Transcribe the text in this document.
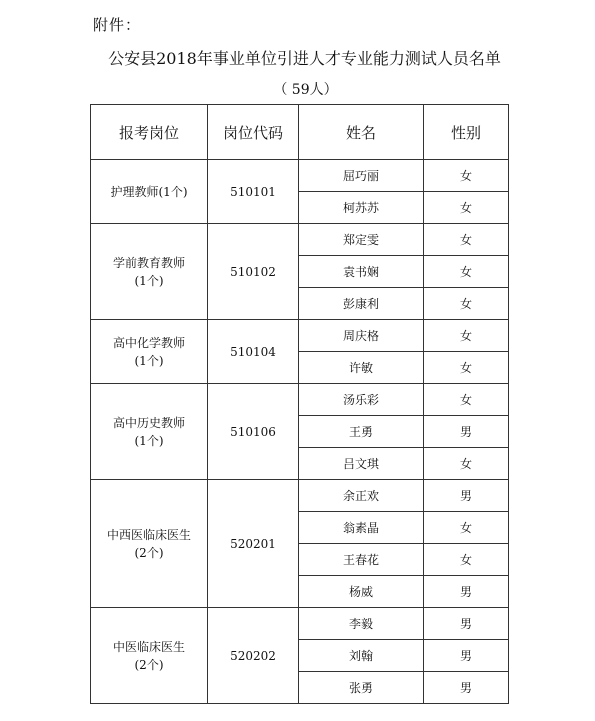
附件：
公安县2018年事业单位引进人才专业能力测试人员名单
（ 59人）
报考岗位	岗位代码	姓名	性别

护理教师(1个)	510101	屈巧丽	女
		柯苏苏	女

学前教育教师
(1个)	510102	郑定雯	女
		袁书娴	女
		彭康利	女

高中化学教师
(1个)	510104	周庆格	女
		许敏	女

高中历史教师
(1个)	510106	汤乐彩	女
		王勇	男
		吕文琪	女

中西医临床医生
(2个)	520201	余正欢	男
		翁素晶	女
		王春花	女
		杨威	男

中医临床医生
(2个)	520202	李毅	男
		刘翰	男
		张勇	男
